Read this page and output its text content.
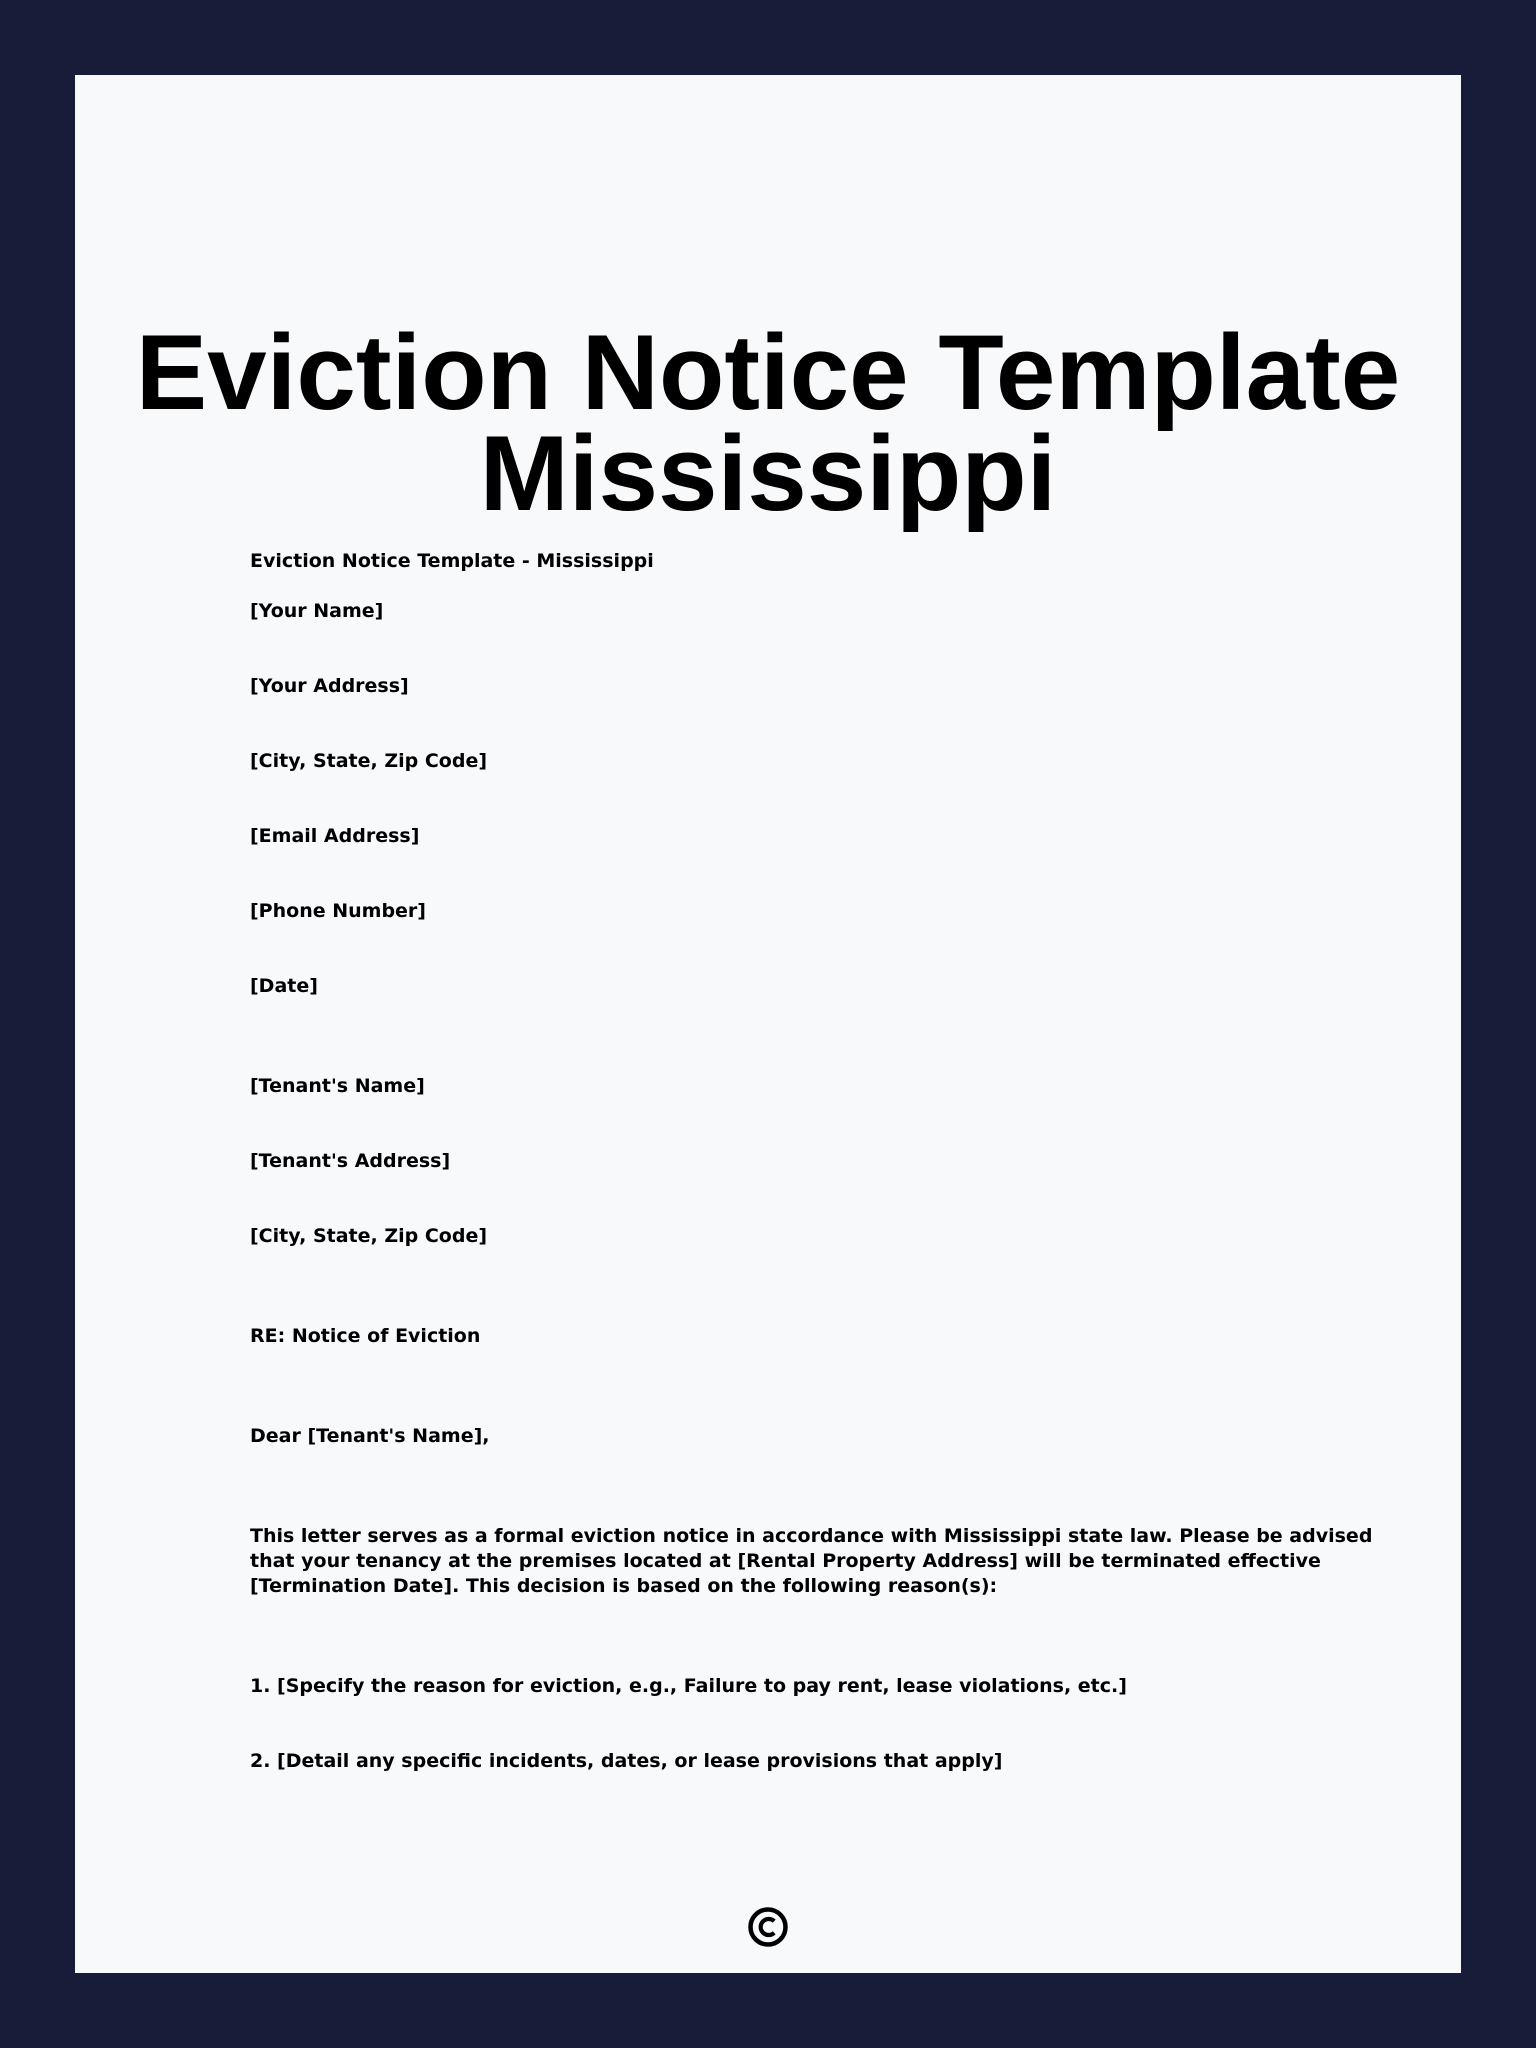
Eviction Notice Template
Mississippi

Eviction Notice Template - Mississippi

[Your Name]

[Your Address]

[City, State, Zip Code]

[Email Address]

[Phone Number]

[Date]

[Tenant's Name]

[Tenant's Address]

[City, State, Zip Code]

RE: Notice of Eviction

Dear [Tenant's Name],

This letter serves as a formal eviction notice in accordance with Mississippi state law. Please be advised
that your tenancy at the premises located at [Rental Property Address] will be terminated effective
[Termination Date]. This decision is based on the following reason(s):

1. [Specify the reason for eviction, e.g., Failure to pay rent, lease violations, etc.]

2. [Detail any specific incidents, dates, or lease provisions that apply]
